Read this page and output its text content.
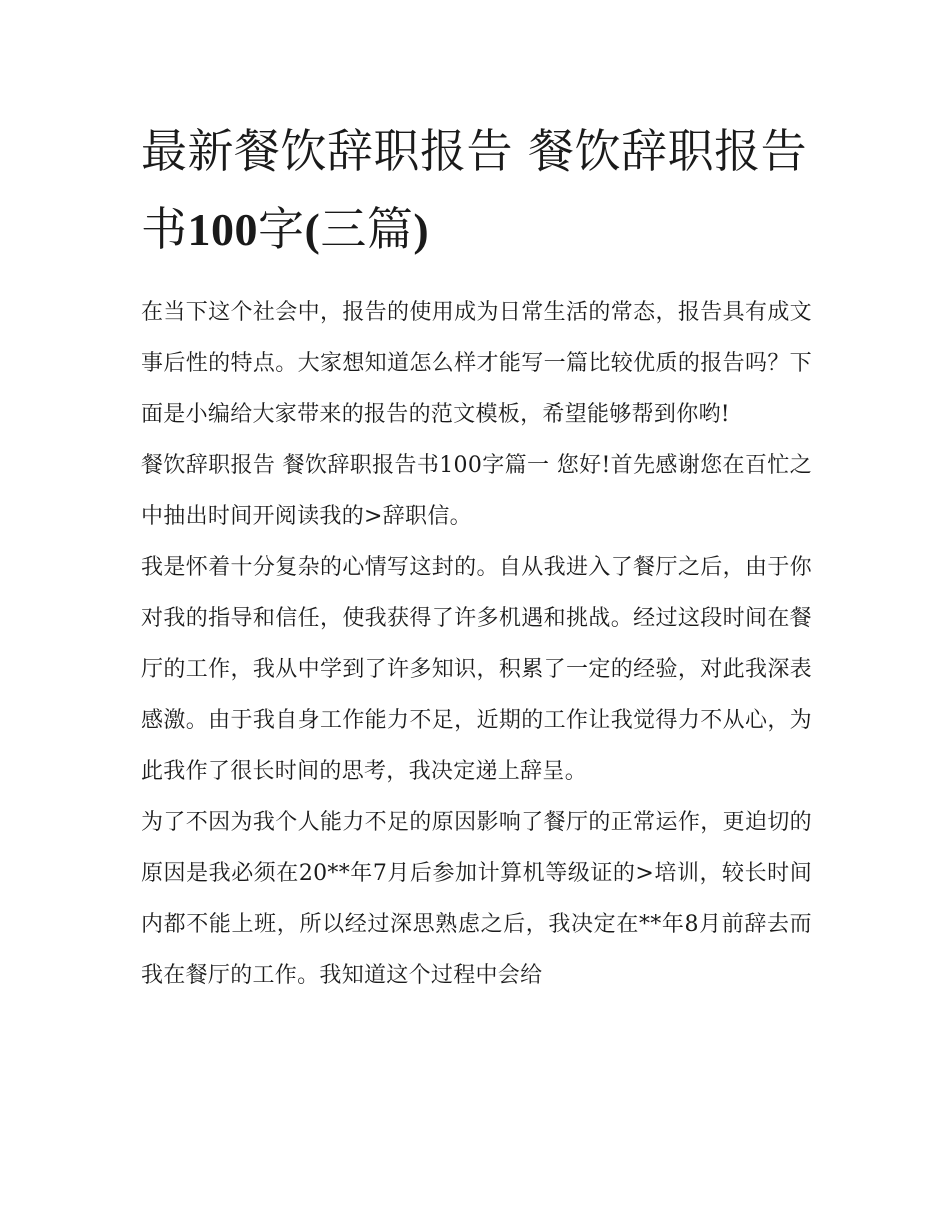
最新餐饮辞职报告 餐饮辞职报告书100字(三篇)

在当下这个社会中，报告的使用成为日常生活的常态，报告具有成文事后性的特点。大家想知道怎么样才能写一篇比较优质的报告吗？下面是小编给大家带来的报告的范文模板，希望能够帮到你哟!

餐饮辞职报告 餐饮辞职报告书100字篇一 您好!首先感谢您在百忙之中抽出时间开阅读我的>辞职信。

我是怀着十分复杂的心情写这封的。自从我进入了餐厅之后，由于你对我的指导和信任，使我获得了许多机遇和挑战。经过这段时间在餐厅的工作，我从中学到了许多知识，积累了一定的经验，对此我深表感激。由于我自身工作能力不足，近期的工作让我觉得力不从心，为此我作了很长时间的思考，我决定递上辞呈。

为了不因为我个人能力不足的原因影响了餐厅的正常运作，更迫切的原因是我必须在20**年7月后参加计算机等级证的>培训，较长时间内都不能上班，所以经过深思熟虑之后，我决定在**年8月前辞去而我在餐厅的工作。我知道这个过程中会给
